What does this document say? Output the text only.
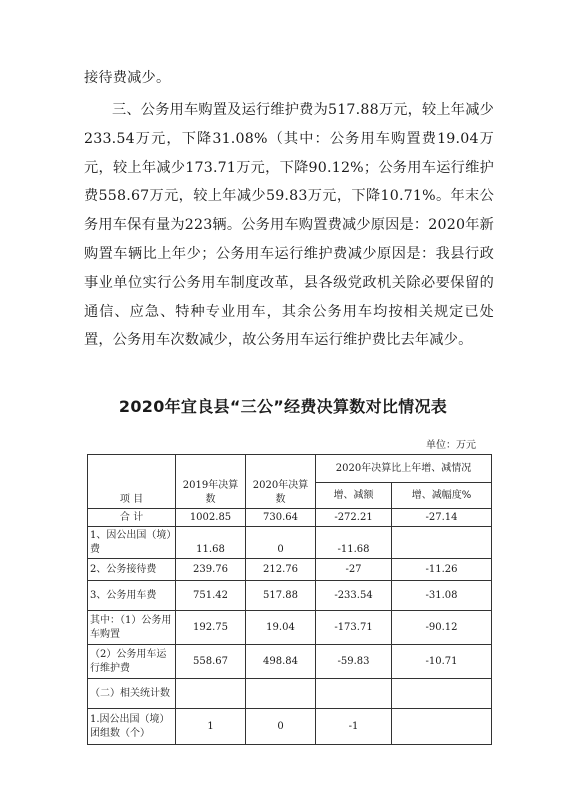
接待费减少。

三、公务用车购置及运行维护费为517.88万元，较上年减少233.54万元，下降31.08%（其中：公务用车购置费19.04万元，较上年减少173.71万元，下降90.12%；公务用车运行维护费558.67万元，较上年减少59.83万元，下降10.71%。年末公务用车保有量为223辆。公务用车购置费减少原因是：2020年新购置车辆比上年少；公务用车运行维护费减少原因是：我县行政事业单位实行公务用车制度改革，县各级党政机关除必要保留的通信、应急、特种专业用车，其余公务用车均按相关规定已处置，公务用车次数减少，故公务用车运行维护费比去年减少。

2020年宜良县“三公”经费决算数对比情况表
单位：万元
项 目	2019年决算数	2020年决算数	2020年决算比上年增、减情况	
			增、减额	增、减幅度%
合 计	1002.85	730.64	-272.21	-27.14
1、因公出国（境）费	11.68	0	-11.68	
2、公务接待费	239.76	212.76	-27	-11.26
3、公务用车费	751.42	517.88	-233.54	-31.08
其中：（1）公务用车购置	192.75	19.04	-173.71	-90.12
（2）公务用车运行维护费	558.67	498.84	-59.83	-10.71
（二）相关统计数				
1.因公出国（境）团组数（个）	1	0	-1	
